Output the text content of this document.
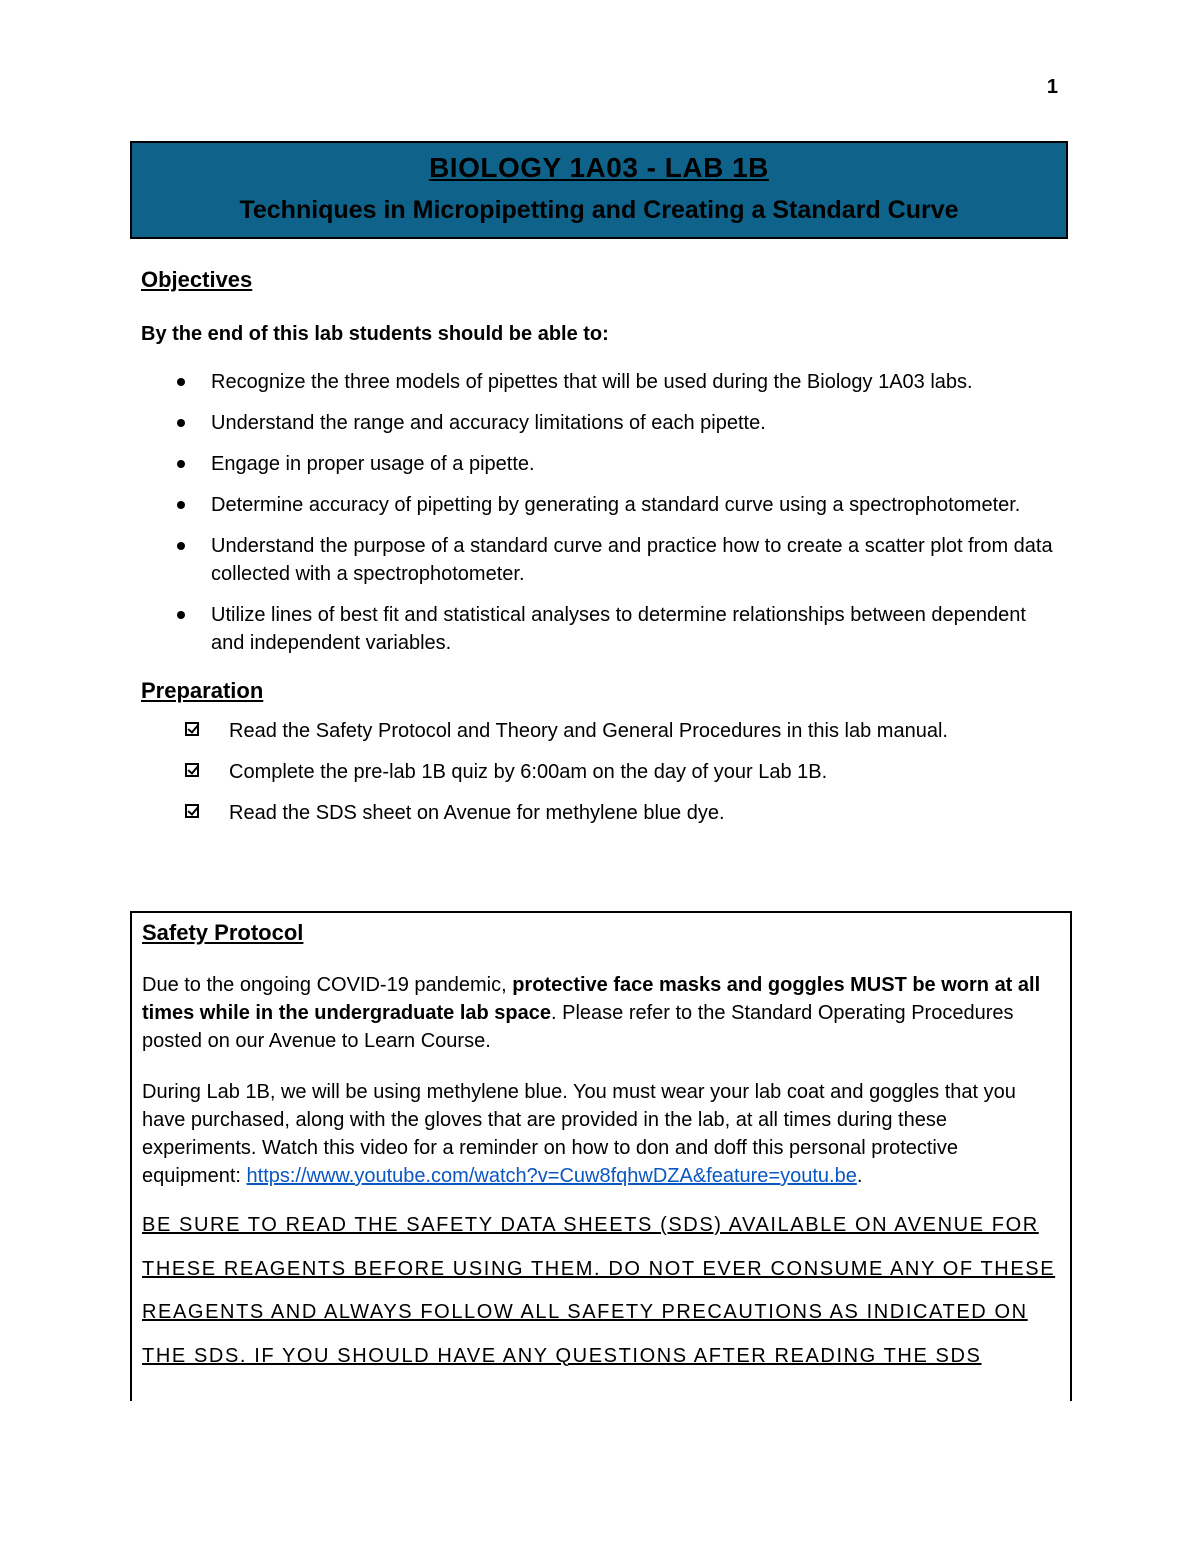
1
BIOLOGY 1A03 - LAB 1B
Techniques in Micropipetting and Creating a Standard Curve
Objectives

By the end of this lab students should be able to:

Recognize the three models of pipettes that will be used during the Biology 1A03 labs.
Understand the range and accuracy limitations of each pipette.
Engage in proper usage of a pipette.
Determine accuracy of pipetting by generating a standard curve using a spectrophotometer.
Understand the purpose of a standard curve and practice how to create a scatter plot from data collected with a spectrophotometer.
Utilize lines of best fit and statistical analyses to determine relationships between dependent and independent variables.
Preparation
Read the Safety Protocol and Theory and General Procedures in this lab manual.
Complete the pre-lab 1B quiz by 6:00am on the day of your Lab 1B.
Read the SDS sheet on Avenue for methylene blue dye.
Safety Protocol

Due to the ongoing COVID-19 pandemic, protective face masks and goggles MUST be worn at all times while in the undergraduate lab space. Please refer to the Standard Operating Procedures posted on our Avenue to Learn Course.

During Lab 1B, we will be using methylene blue. You must wear your lab coat and goggles that you have purchased, along with the gloves that are provided in the lab, at all times during these experiments. Watch this video for a reminder on how to don and doff this personal protective equipment: https://www.youtube.com/watch?v=Cuw8fqhwDZA&feature=youtu.be.

BE SURE TO READ THE SAFETY DATA SHEETS (SDS) AVAILABLE ON AVENUE FOR THESE REAGENTS BEFORE USING THEM. DO NOT EVER CONSUME ANY OF THESE REAGENTS AND ALWAYS FOLLOW ALL SAFETY PRECAUTIONS AS INDICATED ON THE SDS. IF YOU SHOULD HAVE ANY QUESTIONS AFTER READING THE SDS
